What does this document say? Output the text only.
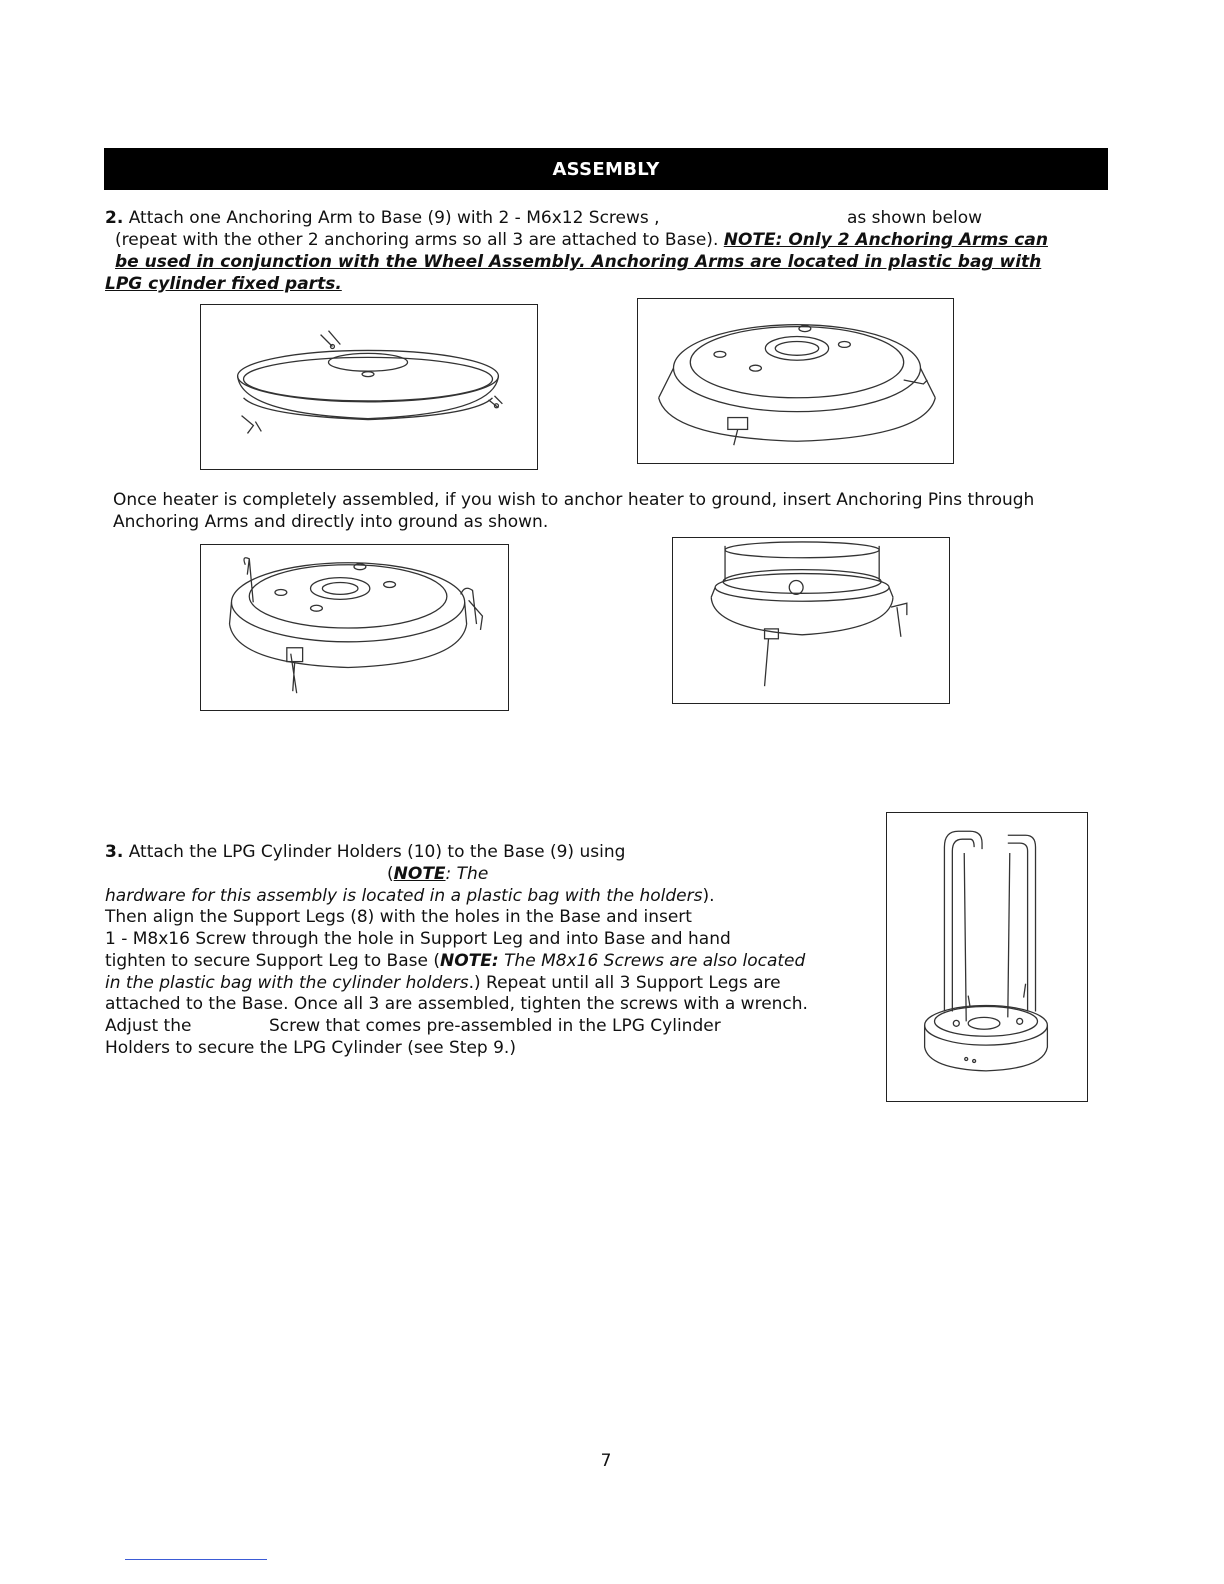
ASSEMBLY
2. Attach one Anchoring Arm to Base (9) with 2 - M6x12 Screws ,	as shown below
(repeat with the other 2 anchoring arms so all 3 are attached to Base). NOTE: Only 2 Anchoring Arms can
be used in conjunction with the Wheel Assembly. Anchoring Arms are located in plastic bag with
LPG cylinder fixed parts.
Once heater is completely assembled, if you wish to anchor heater to ground, insert Anchoring Pins through
Anchoring Arms and directly into ground as shown.
3. Attach the LPG Cylinder Holders (10) to the Base (9) using
(NOTE: The
hardware for this assembly is located in a plastic bag with the holders).
Then align the Support Legs (8) with the holes in the Base and insert
1 - M8x16 Screw through the hole in Support Leg and into Base and hand
tighten to secure Support Leg to Base (NOTE: The M8x16 Screws are also located
in the plastic bag with the cylinder holders.) Repeat until all 3 Support Legs are
attached to the Base. Once all 3 are assembled, tighten the screws with a wrench.
Adjust the	Screw that comes pre-assembled in the LPG Cylinder
Holders to secure the LPG Cylinder (see Step 9.)
7
